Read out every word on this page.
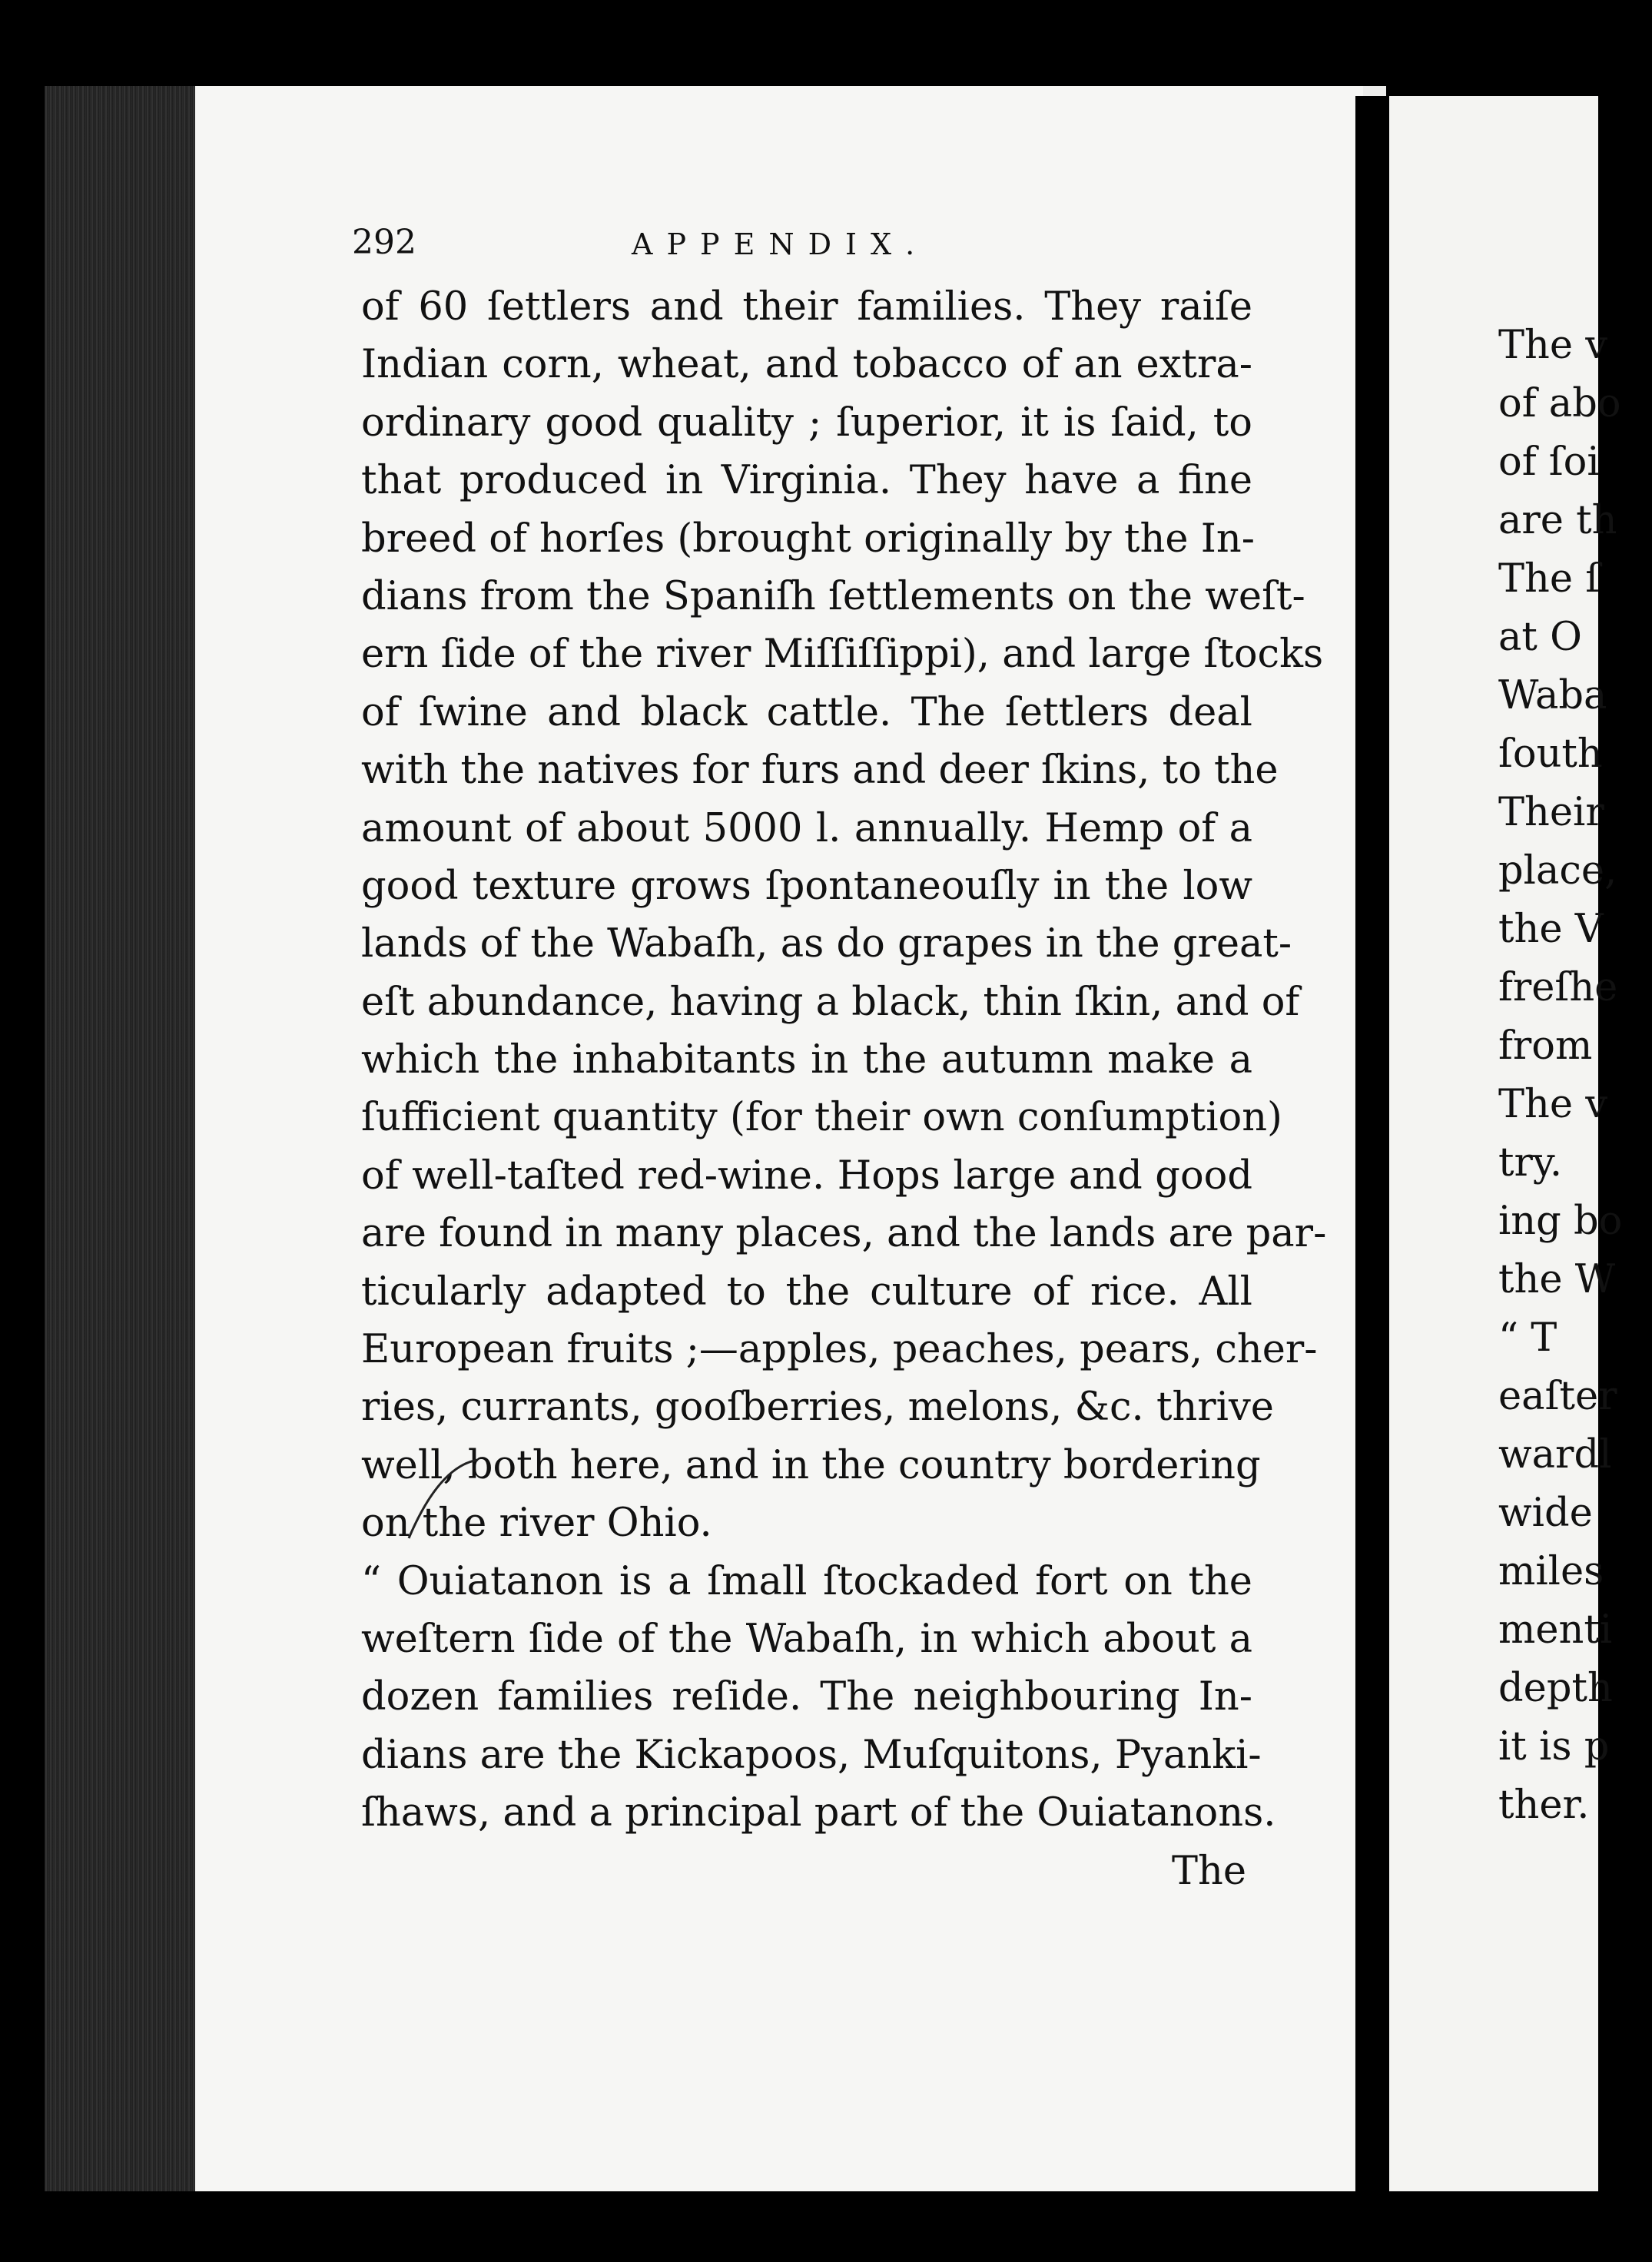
292	APPENDIX.
of 60 ſettlers and their families. They raiſe
Indian corn, wheat, and tobacco of an extra-
ordinary good quality ; ſuperior, it is ſaid, to
that produced in Virginia. They have a fine
breed of horſes (brought originally by the In-
dians from the Spaniſh ſettlements on the weſt-
ern ſide of the river Miſſiſſippi), and large ſtocks
of ſwine and black cattle. The ſettlers deal
with the natives for furs and deer ſkins, to the
amount of about 5000 l. annually. Hemp of a
good texture grows ſpontaneouſly in the low
lands of the Wabaſh, as do grapes in the great-
eſt abundance, having a black, thin ſkin, and of
which the inhabitants in the autumn make a
ſufficient quantity (for their own conſumption)
of well-taſted red-wine. Hops large and good
are found in many places, and the lands are par-
ticularly adapted to the culture of rice. All
European fruits ;—apples, peaches, pears, cher-
ries, currants, gooſberries, melons, &c. thrive
well, both here, and in the country bordering
on the river Ohio.
“ Ouiatanon is a ſmall ſtockaded fort on the
weſtern ſide of the Wabaſh, in which about a
dozen families reſide. The neighbouring In-
dians are the Kickapoos, Muſquitons, Pyanki-
ſhaws, and a principal part of the Ouiatanons.
The
The v
of abo
of ſoi
are th
The ſ
at O
Waba
ſouth
Their
place,
the V
freſhe
from
The v
try.
ing bo
the W
“ T
eaſter
wardl
wide
miles
menti
depth
it is p
ther.
